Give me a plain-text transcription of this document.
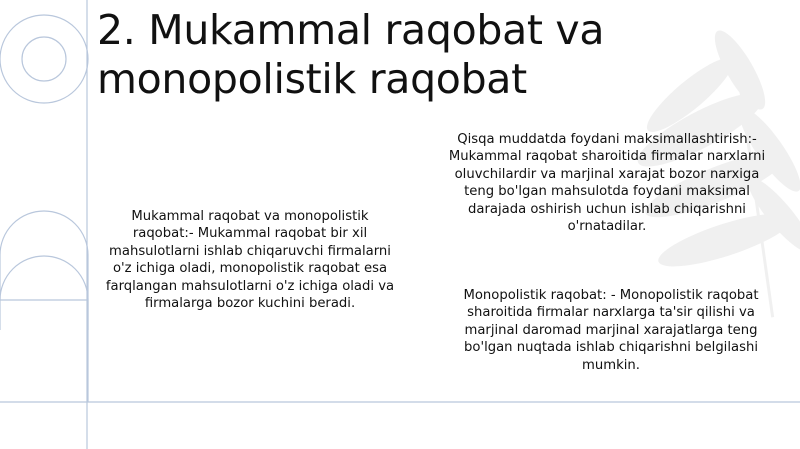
2. Mukammal raqobat va monopolistik raqobat
Mukammal raqobat va monopolistik raqobat:- Mukammal raqobat bir xil mahsulotlarni ishlab chiqaruvchi firmalarni o'z ichiga oladi, monopolistik raqobat esa farqlangan mahsulotlarni o'z ichiga oladi va firmalarga bozor kuchini beradi.
Qisqa muddatda foydani maksimallashtirish:- Mukammal raqobat sharoitida firmalar narxlarni oluvchilardir va marjinal xarajat bozor narxiga teng bo'lgan mahsulotda foydani maksimal darajada oshirish uchun ishlab chiqarishni o'rnatadilar.
Monopolistik raqobat: - Monopolistik raqobat sharoitida firmalar narxlarga ta'sir qilishi va marjinal daromad marjinal xarajatlarga teng bo'lgan nuqtada ishlab chiqarishni belgilashi mumkin.
